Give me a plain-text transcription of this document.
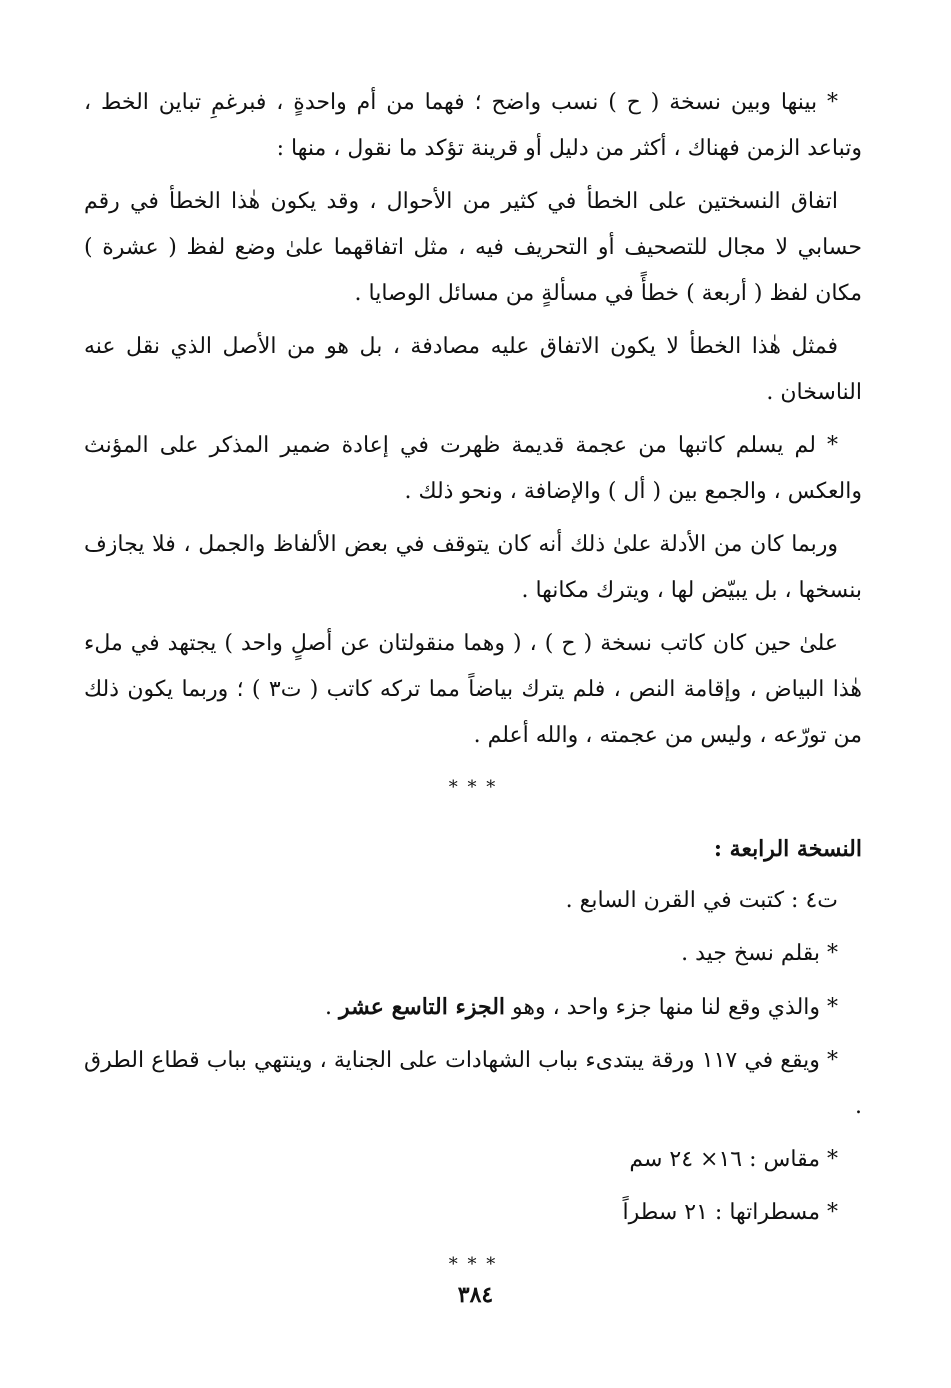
* بينها وبين نسخة ( ح ) نسب واضح ؛ فهما من أم واحدةٍ ، فبرغمِ تباين الخط ، وتباعد الزمن فهناك ، أكثر من دليل أو قرينة تؤكد ما نقول ، منها :

اتفاق النسختين على الخطأ في كثير من الأحوال ، وقد يكون هٰذا الخطأ في رقم حسابي لا مجال للتصحيف أو التحريف فيه ، مثل اتفاقهما علىٰ وضع لفظ ( عشرة ) مكان لفظ ( أربعة ) خطأً في مسألةٍ من مسائل الوصايا .

فمثل هٰذا الخطأ لا يكون الاتفاق عليه مصادفة ، بل هو من الأصل الذي نقل عنه الناسخان .

* لم يسلم كاتبها من عجمة قديمة ظهرت في إعادة ضمير المذكر على المؤنث والعكس ، والجمع بين ( أل ) والإضافة ، ونحو ذلك .

وربما كان من الأدلة علىٰ ذلك أنه كان يتوقف في بعض الألفاظ والجمل ، فلا يجازف بنسخها ، بل يبيّض لها ، ويترك مكانها .

علىٰ حين كان كاتب نسخة ( ح ) ، ( وهما منقولتان عن أصلٍ واحد ) يجتهد في ملء هٰذا البياض ، وإقامة النص ، فلم يترك بياضاً مما تركه كاتب ( ت٣ ) ؛ وربما يكون ذلك من تورّعه ، وليس من عجمته ، والله أعلم .

* * *
النسخة الرابعة :
ت٤ : كتبت في القرن السابع .
* بقلم نسخ جيد .
* والذي وقع لنا منها جزء واحد ، وهو الجزء التاسع عشر .

* ويقع في ١١٧ ورقة يبتدىء بباب الشهادات على الجناية ، وينتهي بباب قطاع الطرق .

* مقاس : ١٦× ٢٤ سم
* مسطراتها : ٢١ سطراً
* * *
٣٨٤
